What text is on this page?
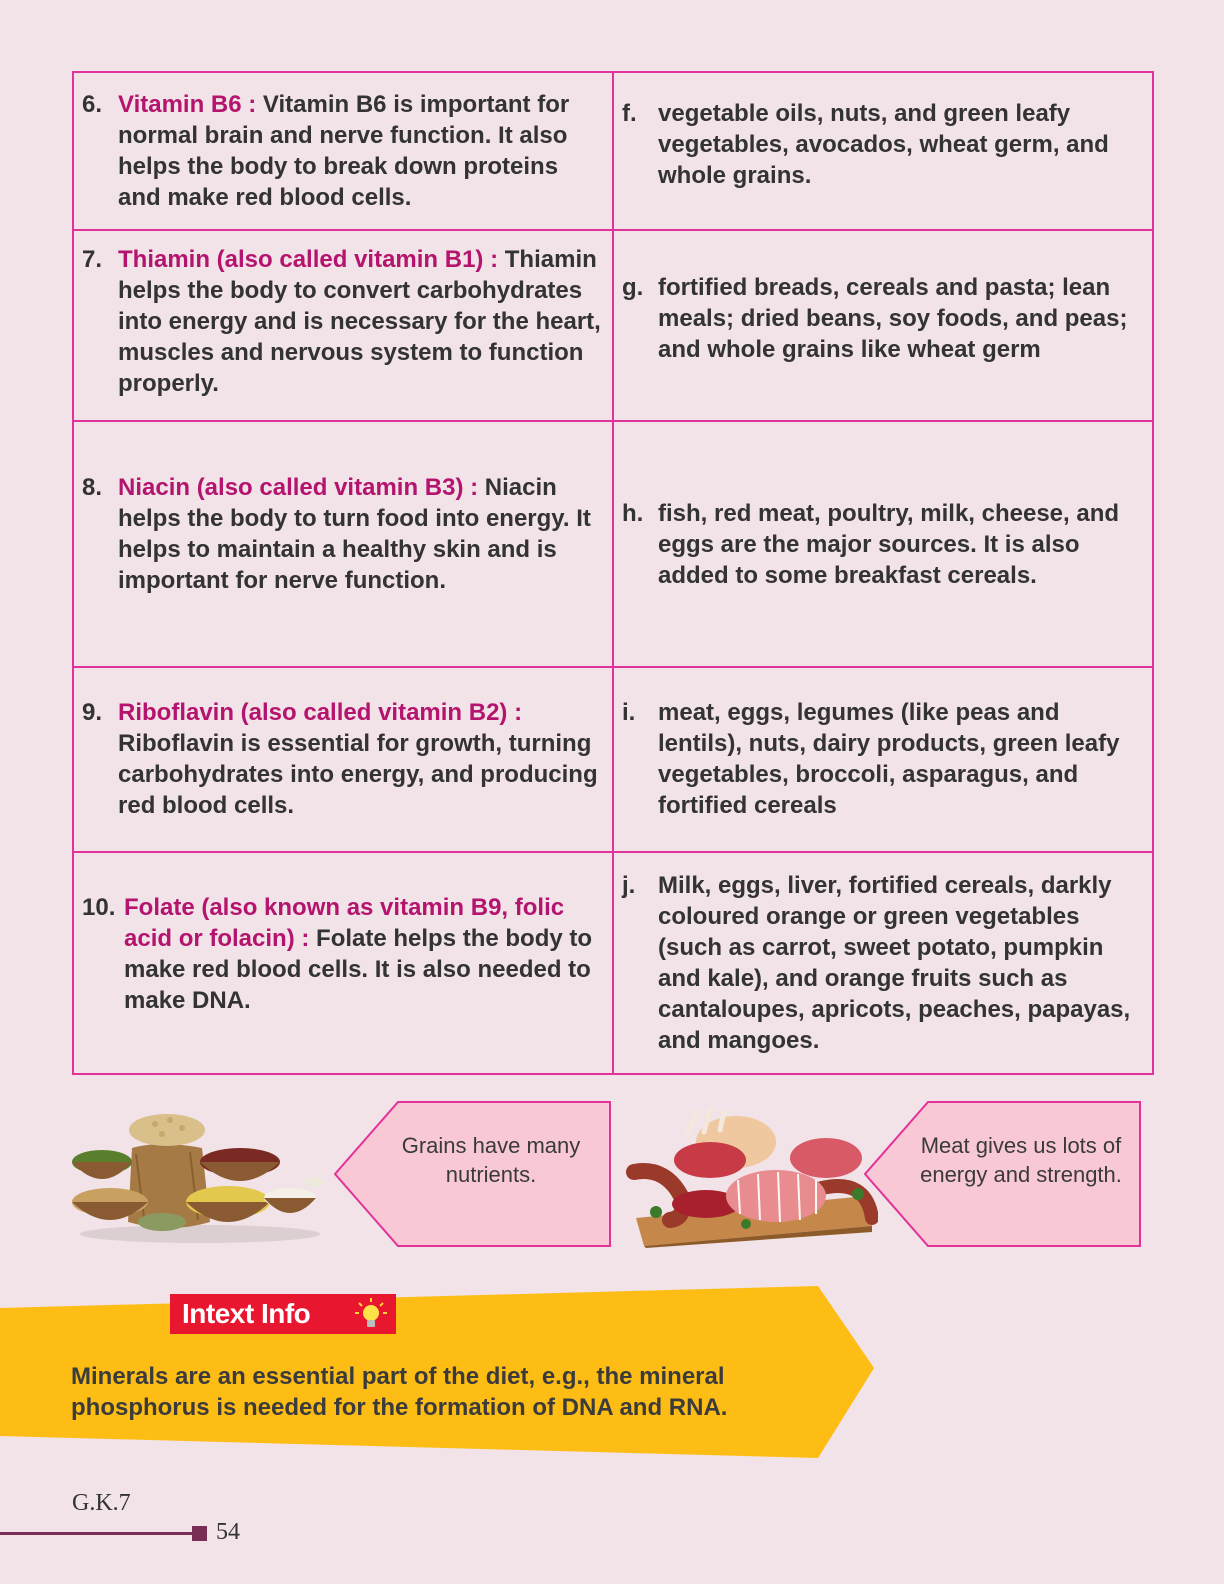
6. Vitamin B6 : Vitamin B6 is important for normal brain and nerve function. It also helps the body to break down proteins and make red blood cells.	f. vegetable oils, nuts, and green leafy vegetables, avocados, wheat germ, and whole grains.

7. Thiamin (also called vitamin B1) : Thiamin helps the body to convert carbohydrates into energy and is necessary for the heart, muscles and nervous system to function properly.	g. fortified breads, cereals and pasta; lean meals; dried beans, soy foods, and peas; and whole grains like wheat germ

8. Niacin (also called vitamin B3) : Niacin helps the body to turn food into energy. It helps to maintain a healthy skin and is important for nerve function.	h. fish, red meat, poultry, milk, cheese, and eggs are the major sources. It is also added to some breakfast cereals.

9. Riboflavin (also called vitamin B2) : Riboflavin is essential for growth, turning carbohydrates into energy, and producing red blood cells.	i. meat, eggs, legumes (like peas and lentils), nuts, dairy products, green leafy vegetables, broccoli, asparagus, and fortified cereals

10. Folate (also known as vitamin B9, folic acid or folacin) : Folate helps the body to make red blood cells. It is also needed to make DNA.	j. Milk, eggs, liver, fortified cereals, darkly coloured orange or green vegetables (such as carrot, sweet potato, pumpkin and kale), and orange fruits such as cantaloupes, apricots, peaches, papayas, and mangoes.
Grains have many nutrients.
Meat gives us lots of energy and strength.
Intext Info
Minerals are an essential part of the diet, e.g., the mineral phosphorus is needed for the formation of DNA and RNA.
G.K.7
54
